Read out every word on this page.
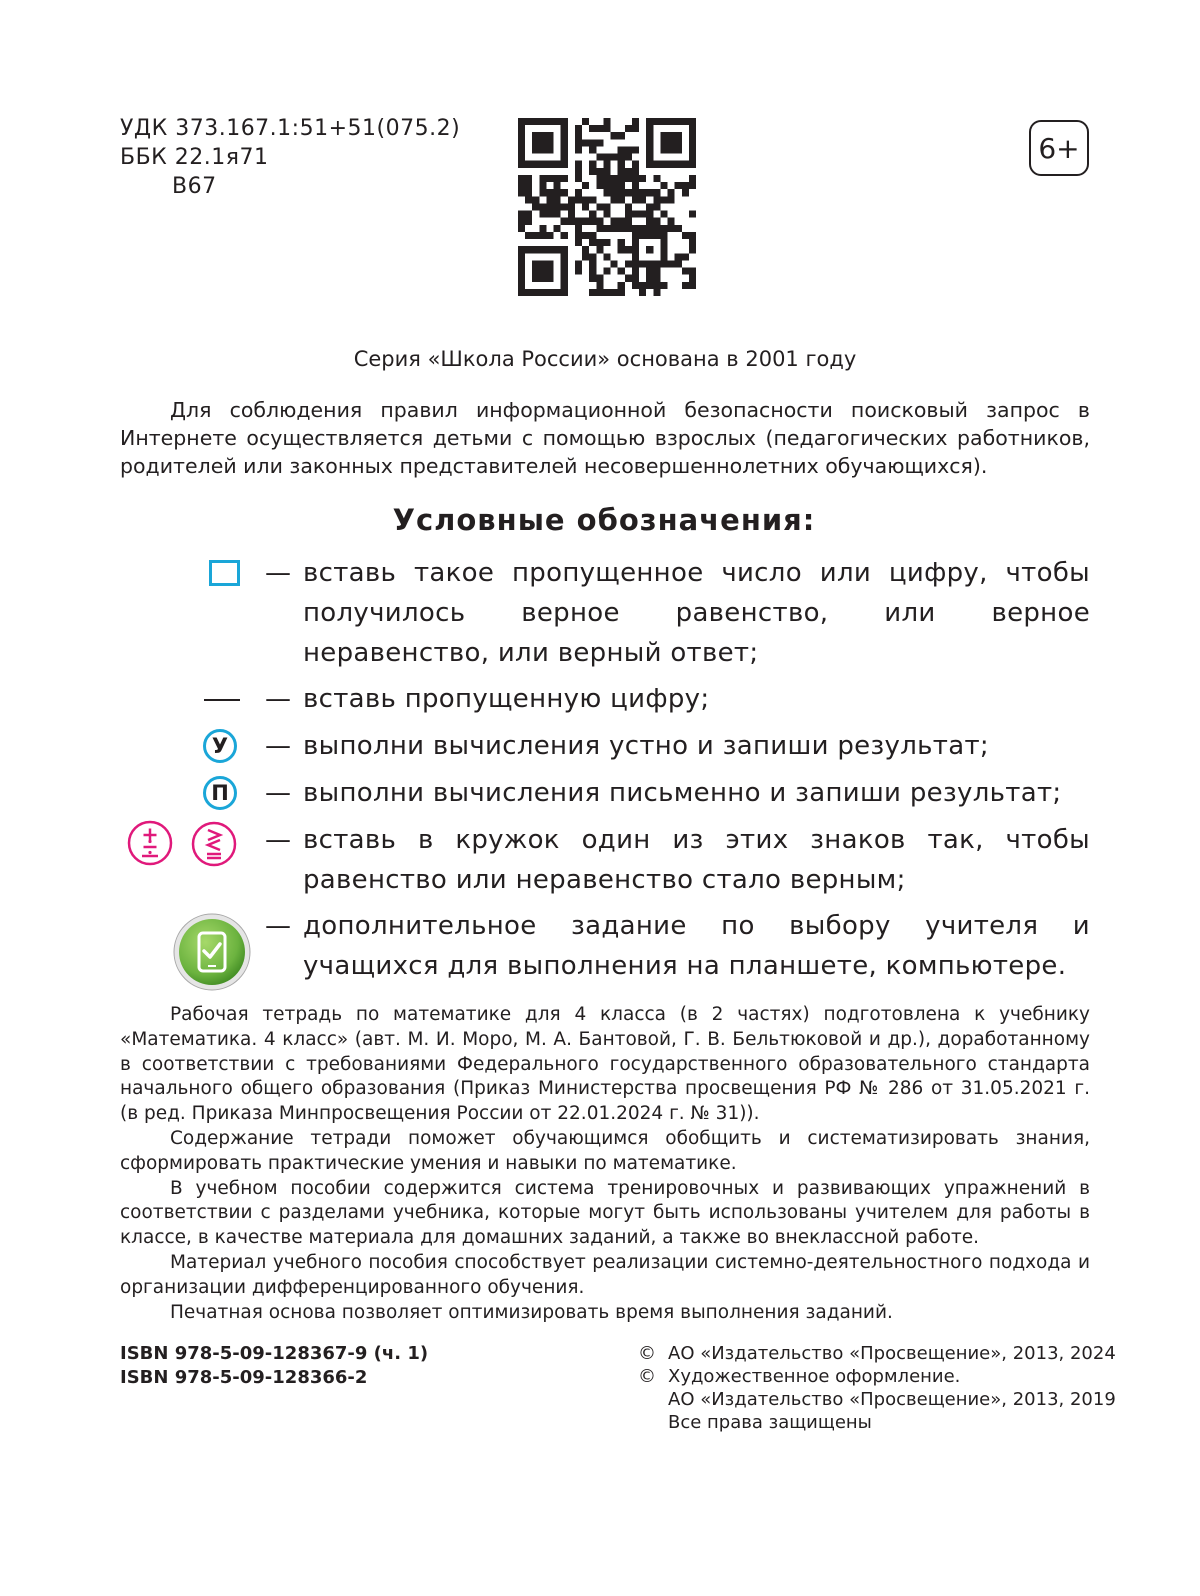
УДК 373.167.1:51+51(075.2)
ББК 22.1я71
В67
6+
Серия «Школа России» основана в 2001 году

Для соблюдения правил информационной безопасности поисковый запрос в Интернете осуществляется детьми с помощью взрослых (педагогических работников, родителей или законных представителей несовершеннолетних обучающихся).

Условные обозначения:
— вставь такое пропущенное число или цифру, чтобы получилось верное равенство, или верное неравенство, или верный ответ;
— вставь пропущенную цифру;
У	— выполни вычисления устно и запиши результат;
П	— выполни вычисления письменно и запиши результат;
— вставь в кружок один из этих знаков так, чтобы равенство или неравенство стало верным;
— дополнительное задание по выбору учителя и учащихся для выполнения на планшете, компьютере.

Рабочая тетрадь по математике для 4 класса (в 2 частях) подготовлена к учебнику «Математика. 4 класс» (авт. М. И. Моро, М. А. Бантовой, Г. В. Бельтюковой и др.), доработанному в соответствии с требованиями Федерального государственного образовательного стандарта начального общего образования (Приказ Министерства просвещения РФ № 286 от 31.05.2021 г. (в ред. Приказа Минпросвещения России от 22.01.2024 г. № 31)).

Содержание тетради поможет обучающимся обобщить и систематизировать знания, сформировать практические умения и навыки по математике.

В учебном пособии содержится система тренировочных и развивающих упражнений в соответствии с разделами учебника, которые могут быть использованы учителем для работы в классе, в качестве материала для домашних заданий, а также во внеклассной работе.

Материал учебного пособия способствует реализации системно-деятельностного подхода и организации дифференцированного обучения.

Печатная основа позволяет оптимизировать время выполнения заданий.

ISBN 978-5-09-128367-9 (ч. 1)
ISBN 978-5-09-128366-2
© АО «Издательство «Просвещение», 2013, 2024
© Художественное оформление.
АО «Издательство «Просвещение», 2013, 2019
Все права защищены
